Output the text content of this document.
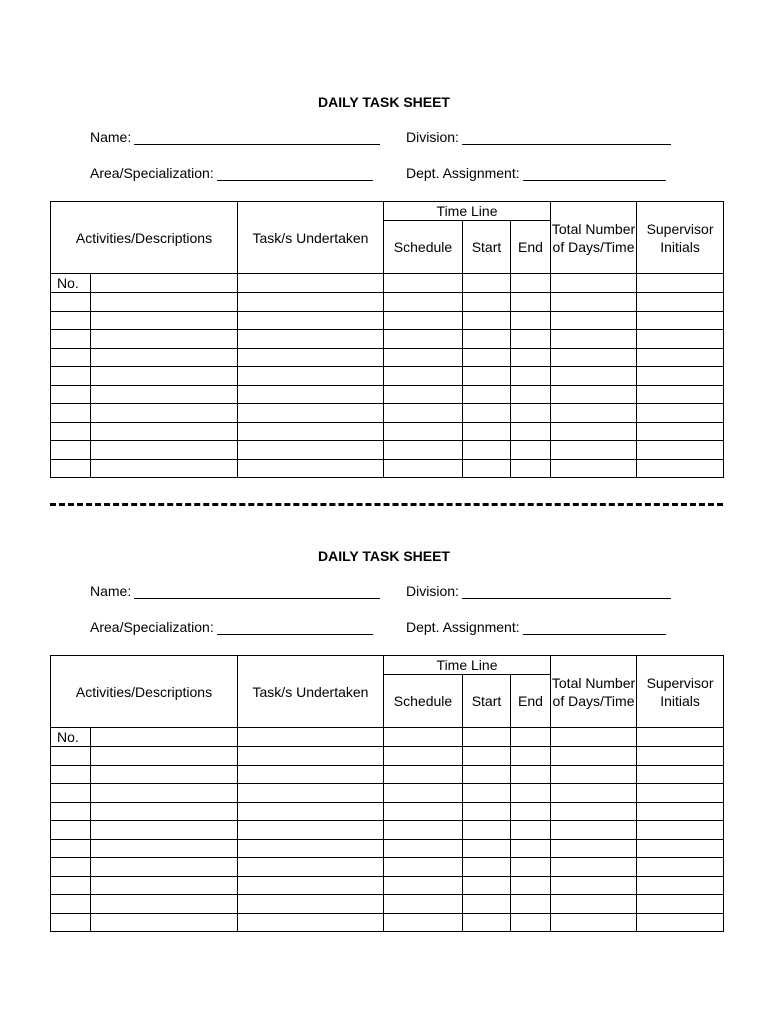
DAILY TASK SHEET
Name:	Division:
Area/Specialization:	Dept. Assignment:
Activities/Descriptions		Task/s Undertaken	Time Line			Total Number of Days/Time	Supervisor Initials
			Schedule	Start	End		
No.							

DAILY TASK SHEET
Name:	Division:
Area/Specialization:	Dept. Assignment:
Activities/Descriptions		Task/s Undertaken	Time Line			Total Number of Days/Time	Supervisor Initials
			Schedule	Start	End		
No.							
